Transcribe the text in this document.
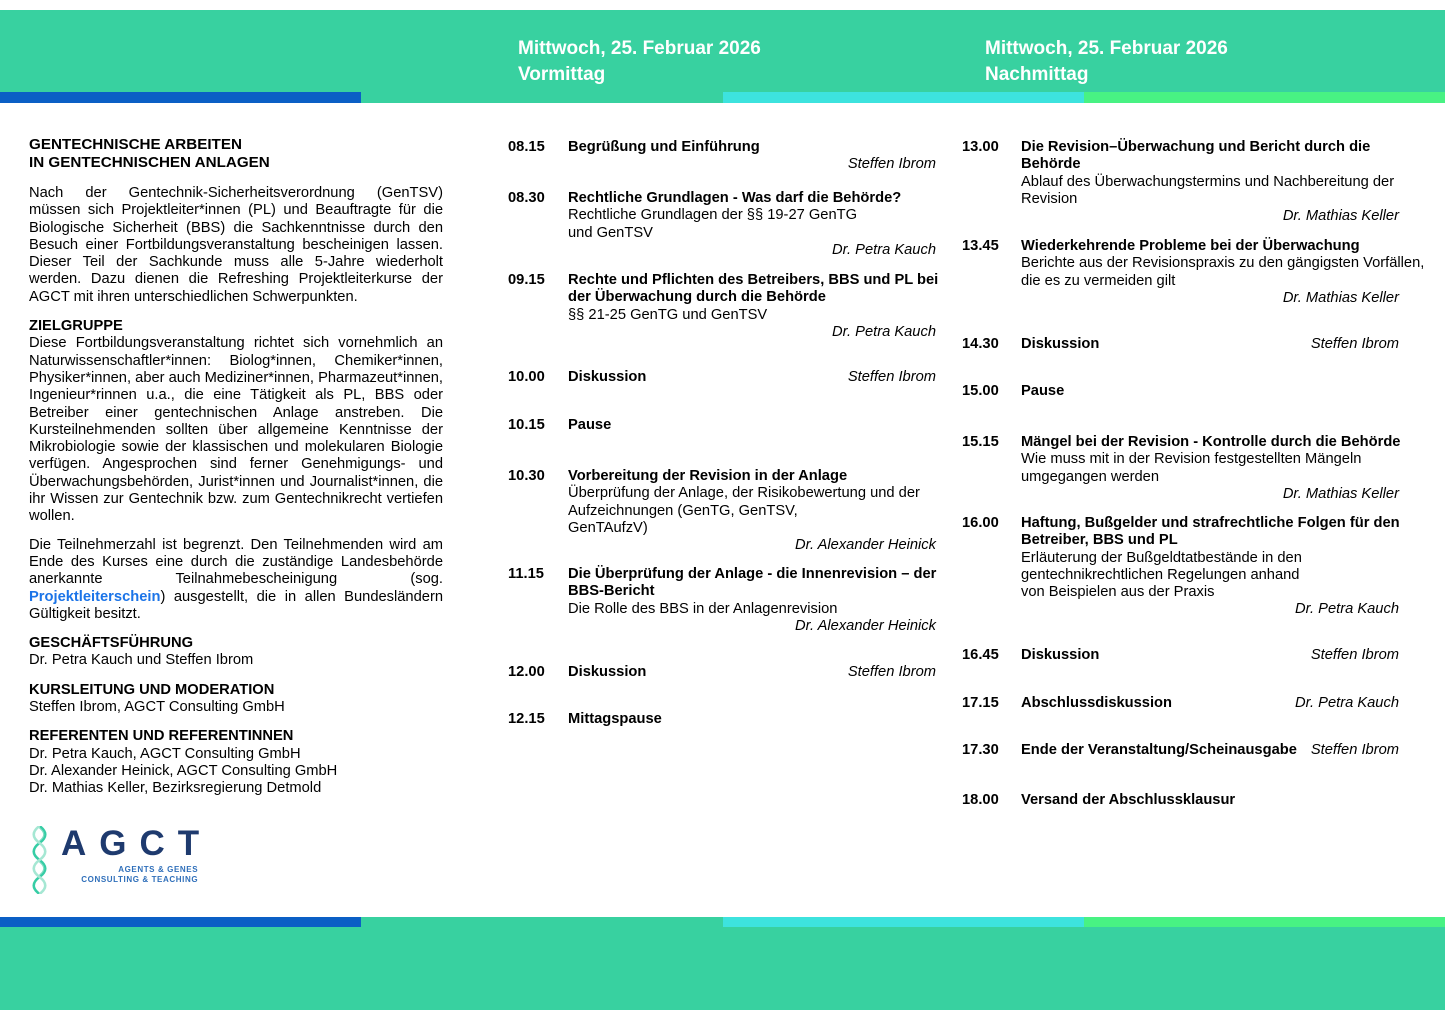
Mittwoch, 25. Februar 2026
Vormittag
Mittwoch, 25. Februar 2026
Nachmittag
GENTECHNISCHE ARBEITEN
IN GENTECHNISCHEN ANLAGEN

Nach der Gentechnik-Sicherheitsverordnung (GenTSV) müssen sich Projektleiter*innen (PL) und Beauftragte für die Biologische Sicherheit (BBS) die Sachkenntnisse durch den Besuch einer Fortbildungsveranstaltung bescheinigen lassen. Dieser Teil der Sachkunde muss alle 5-Jahre wiederholt werden. Dazu dienen die Refreshing Projektleiterkurse der AGCT mit ihren unterschiedlichen Schwerpunkten.

ZIELGRUPPE

Diese Fortbildungsveranstaltung richtet sich vornehmlich an Naturwissenschaftler*innen: Biolog*innen, Chemiker*innen, Physiker*innen, aber auch Mediziner*innen, Pharmazeut*innen, Ingenieur*rinnen u.a., die eine Tätigkeit als PL, BBS oder Betreiber einer gentechnischen Anlage anstreben. Die Kursteilnehmenden sollten über allgemeine Kenntnisse der Mikrobiologie sowie der klassischen und molekularen Biologie verfügen. Angesprochen sind ferner Genehmigungs- und Überwachungsbehörden, Jurist*innen und Journalist*innen, die ihr Wissen zur Gentechnik bzw. zum Gentechnikrecht vertiefen wollen.

Die Teilnehmerzahl ist begrenzt. Den Teilnehmenden wird am Ende des Kurses eine durch die zuständige Landesbehörde anerkannte Teilnahmebescheinigung (sog. Projektleiterschein) ausgestellt, die in allen Bundesländern Gültigkeit besitzt.

GESCHÄFTSFÜHRUNG
Dr. Petra Kauch und Steffen Ibrom
KURSLEITUNG UND MODERATION
Steffen Ibrom, AGCT Consulting GmbH
REFERENTEN UND REFERENTINNEN
Dr. Petra Kauch, AGCT Consulting GmbH
Dr. Alexander Heinick, AGCT Consulting GmbH
Dr. Mathias Keller, Bezirksregierung Detmold
08.15	Begrüßung und Einführung
Steffen Ibrom
08.30	Rechtliche Grundlagen - Was darf die Behörde?
Rechtliche Grundlagen der §§ 19-27 GenTG
und GenTSV
Dr. Petra Kauch
09.15	Rechte und Pflichten des Betreibers, BBS und PL bei
der Überwachung durch die Behörde
§§ 21-25 GenTG und GenTSV
Dr. Petra Kauch
10.00	Diskussion	Steffen Ibrom
10.15	Pause
10.30	Vorbereitung der Revision in der Anlage
Überprüfung der Anlage, der Risikobewertung und der
Aufzeichnungen (GenTG, GenTSV,
GenTAufzV)
Dr. Alexander Heinick
11.15	Die Überprüfung der Anlage - die Innenrevision – der
BBS-Bericht
Die Rolle des BBS in der Anlagenrevision
Dr. Alexander Heinick
12.00	Diskussion	Steffen Ibrom
12.15	Mittagspause
13.00	Die Revision–Überwachung und Bericht durch die
Behörde
Ablauf des Überwachungstermins und Nachbereitung der
Revision
Dr. Mathias Keller
13.45	Wiederkehrende Probleme bei der Überwachung
Berichte aus der Revisionspraxis zu den gängigsten Vorfällen,
die es zu vermeiden gilt
Dr. Mathias Keller
14.30	Diskussion	Steffen Ibrom
15.00	Pause
15.15	Mängel bei der Revision - Kontrolle durch die Behörde
Wie muss mit in der Revision festgestellten Mängeln
umgegangen werden
Dr. Mathias Keller
16.00	Haftung, Bußgelder und strafrechtliche Folgen für den
Betreiber, BBS und PL
Erläuterung der Bußgeldtatbestände in den
gentechnikrechtlichen Regelungen anhand
von Beispielen aus der Praxis
Dr. Petra Kauch
16.45	Diskussion	Steffen Ibrom
17.15	Abschlussdiskussion	Dr. Petra Kauch
17.30	Ende der Veranstaltung/Scheinausgabe Steffen Ibrom
18.00	Versand der Abschlussklausur
AGCT
AGENTS & GENES
CONSULTING & TEACHING
